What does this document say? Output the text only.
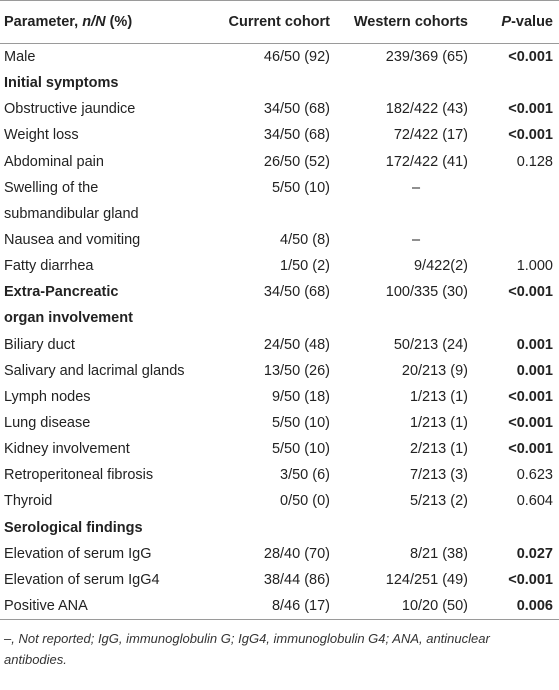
Parameter, n/N (%)	Current cohort	Western cohorts	P-value
Male	46/50 (92)	239/369 (65)	<0.001
Initial symptoms			
Obstructive jaundice	34/50 (68)	182/422 (43)	<0.001
Weight loss	34/50 (68)	72/422 (17)	<0.001
Abdominal pain	26/50 (52)	172/422 (41)	0.128
Swelling of the	5/50 (10)	–	
submandibular gland			
Nausea and vomiting	4/50 (8)	–	
Fatty diarrhea	1/50 (2)	9/422(2)	1.000
Extra-Pancreatic	34/50 (68)	100/335 (30)	<0.001
organ involvement			
Biliary duct	24/50 (48)	50/213 (24)	0.001
Salivary and lacrimal glands	13/50 (26)	20/213 (9)	0.001
Lymph nodes	9/50 (18)	1/213 (1)	<0.001
Lung disease	5/50 (10)	1/213 (1)	<0.001
Kidney involvement	5/50 (10)	2/213 (1)	<0.001
Retroperitoneal fibrosis	3/50 (6)	7/213 (3)	0.623
Thyroid	0/50 (0)	5/213 (2)	0.604
Serological findings			
Elevation of serum IgG	28/40 (70)	8/21 (38)	0.027
Elevation of serum IgG4	38/44 (86)	124/251 (49)	<0.001
Positive ANA	8/46 (17)	10/20 (50)	0.006
–, Not reported; IgG, immunoglobulin G; IgG4, immunoglobulin G4; ANA, antinuclear antibodies.
